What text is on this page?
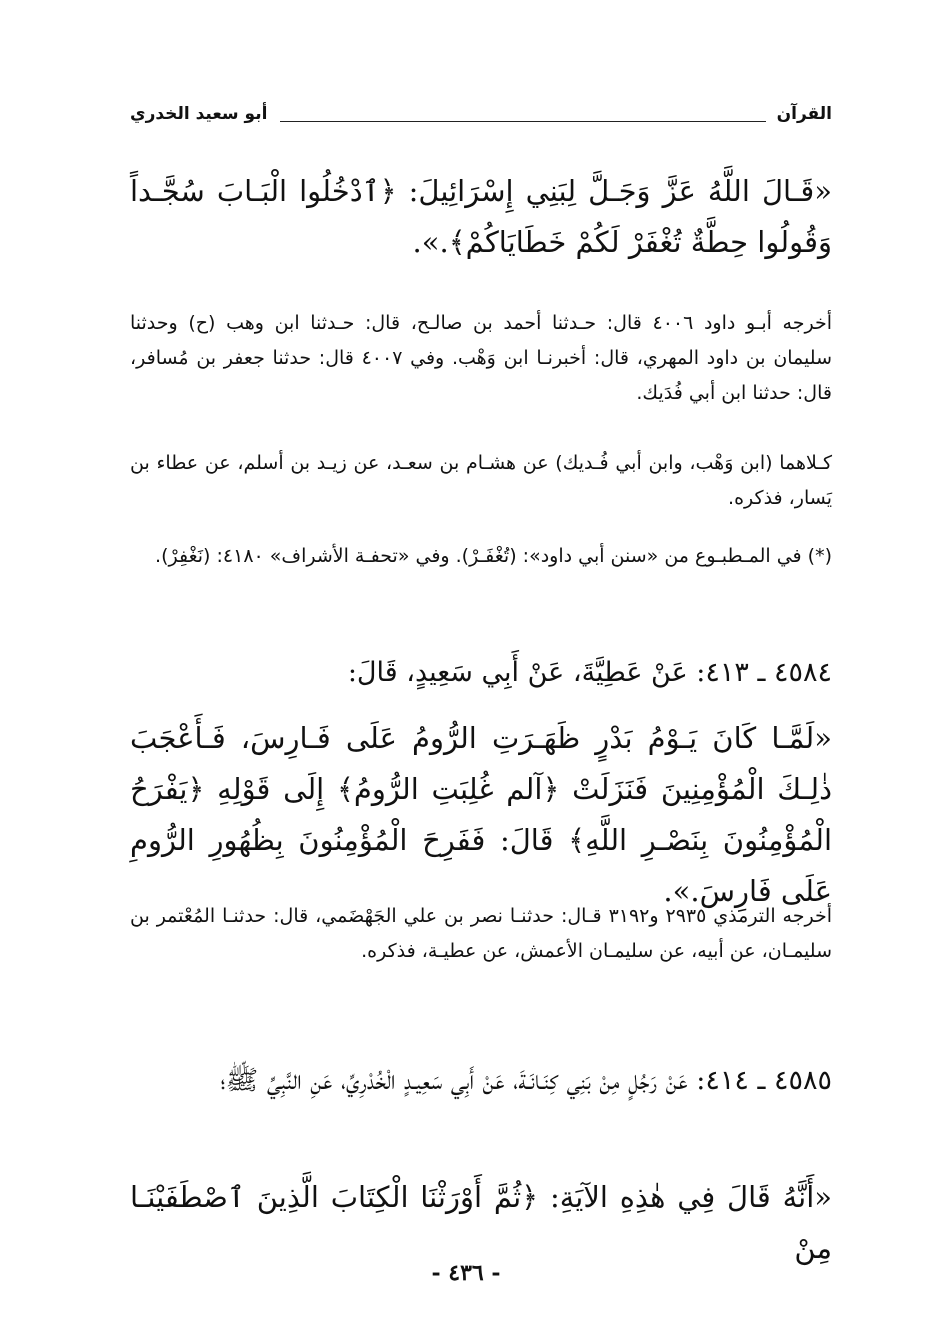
القرآن
أبو سعيد الخدري
«قَـالَ اللَّهُ عَزَّ وَجَـلَّ لِبَنِي إِسْرَائِيلَ: ﴿ٱدْخُلُوا الْبَـابَ سُجَّـداً وَقُولُوا حِطَّةٌ تُغْفَرْ لَكُمْ خَطَايَاكُمْ﴾.».
أخرجه أبـو داود ٤٠٠٦ قال: حـدثنا أحمد بن صالـح، قال: حـدثنا ابن وهب (ح) وحدثنا سليمان بن داود المهري، قال: أخبرنـا ابن وَهْب. وفي ٤٠٠٧ قال: حدثنا جعفر بن مُسافر، قال: حدثنا ابن أبي فُدَيك.
كـلاهما (ابن وَهْب، وابن أبي فُـديك) عن هشـام بن سعـد، عن زيـد بن أسلم، عن عطاء بن يَسار، فذكره.
(*) في المـطبـوع من «سنن أبي داود»: (تُغْفَـرْ). وفي «تحفـة الأشراف» ٤١٨٠: (نَغْفِرْ).
٤٥٨٤ ـ ٤١٣: عَنْ عَطِيَّةَ، عَنْ أَبِي سَعِيدٍ، قَالَ:
«لَمَّـا كَانَ يَـوْمُ بَدْرٍ ظَهَـرَتِ الرُّومُ عَلَى فَـارِسَ، فَـأَعْجَبَ ذٰلِـكَ الْمُؤْمِنِينَ فَنَزَلَتْ ﴿آلم غُلِبَتِ الرُّومُ﴾ إِلَى قَوْلِهِ ﴿يَفْرَحُ الْمُؤْمِنُونَ بِنَصْـرِ اللَّهِ﴾ قَالَ: فَفَرِحَ الْمُؤْمِنُونَ بِظُهُورِ الرُّومِ عَلَى فَارِسَ.».
أخرجه الترمذي ٢٩٣٥ و٣١٩٢ قـال: حدثنـا نصر بن علي الجَهْضَمي، قال: حدثنـا المُعْتمر بن سليمـان، عن أبيه، عن سليمـان الأعمش، عن عطيـة، فذكره.
٤٥٨٥ ـ ٤١٤: عَنْ رَجُلٍ مِنْ بَنِي كِنَـانَـةَ، عَنْ أَبِي سَعِيـدٍ الْخُدْرِيِّ، عَنِ النَّبِيِّ ﷺ؛
«أَنَّهُ قَالَ فِي هٰذِهِ الآيَةِ: ﴿ثُمَّ أَوْرَثْنَا الْكِتَابَ الَّذِينَ ٱصْطَفَيْنَـا مِنْ
- ٤٣٦ -
